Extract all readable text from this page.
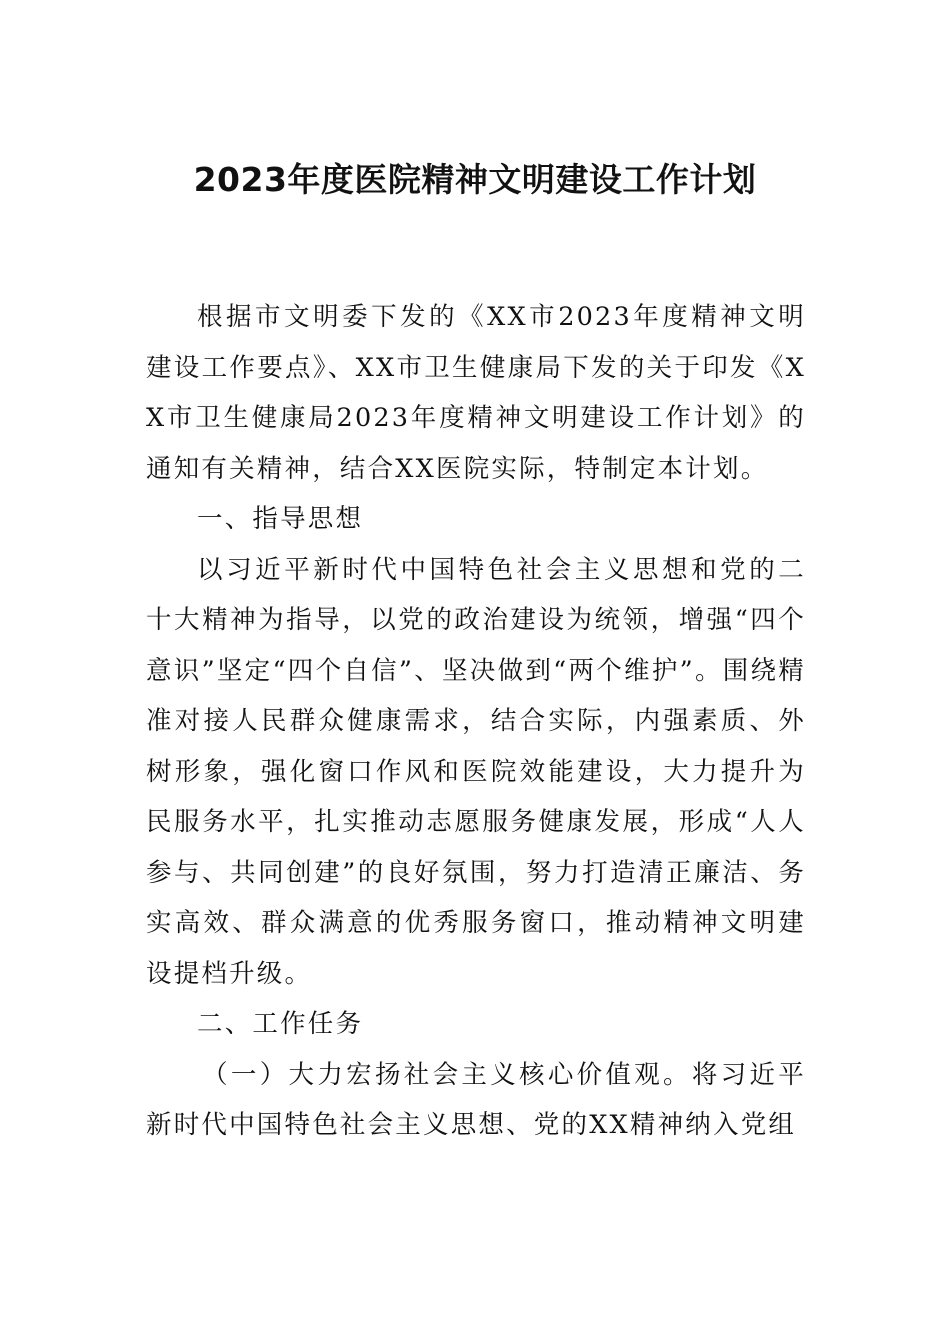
2023年度医院精神文明建设工作计划

根据市文明委下发的《XX市2023年度精神文明建设工作要点》、XX市卫生健康局下发的关于印发《XX市卫生健康局2023年度精神文明建设工作计划》的通知有关精神，结合XX医院实际，特制定本计划。

一、指导思想

以习近平新时代中国特色社会主义思想和党的二十大精神为指导，以党的政治建设为统领，增强“四个意识”坚定“四个自信”、坚决做到“两个维护”。围绕精准对接人民群众健康需求，结合实际，内强素质、外树形象，强化窗口作风和医院效能建设，大力提升为民服务水平，扎实推动志愿服务健康发展，形成“人人参与、共同创建”的良好氛围，努力打造清正廉洁、务实高效、群众满意的优秀服务窗口，推动精神文明建设提档升级。

二、工作任务

（一）大力宏扬社会主义核心价值观。将习近平新时代中国特色社会主义思想、党的XX精神纳入党组
